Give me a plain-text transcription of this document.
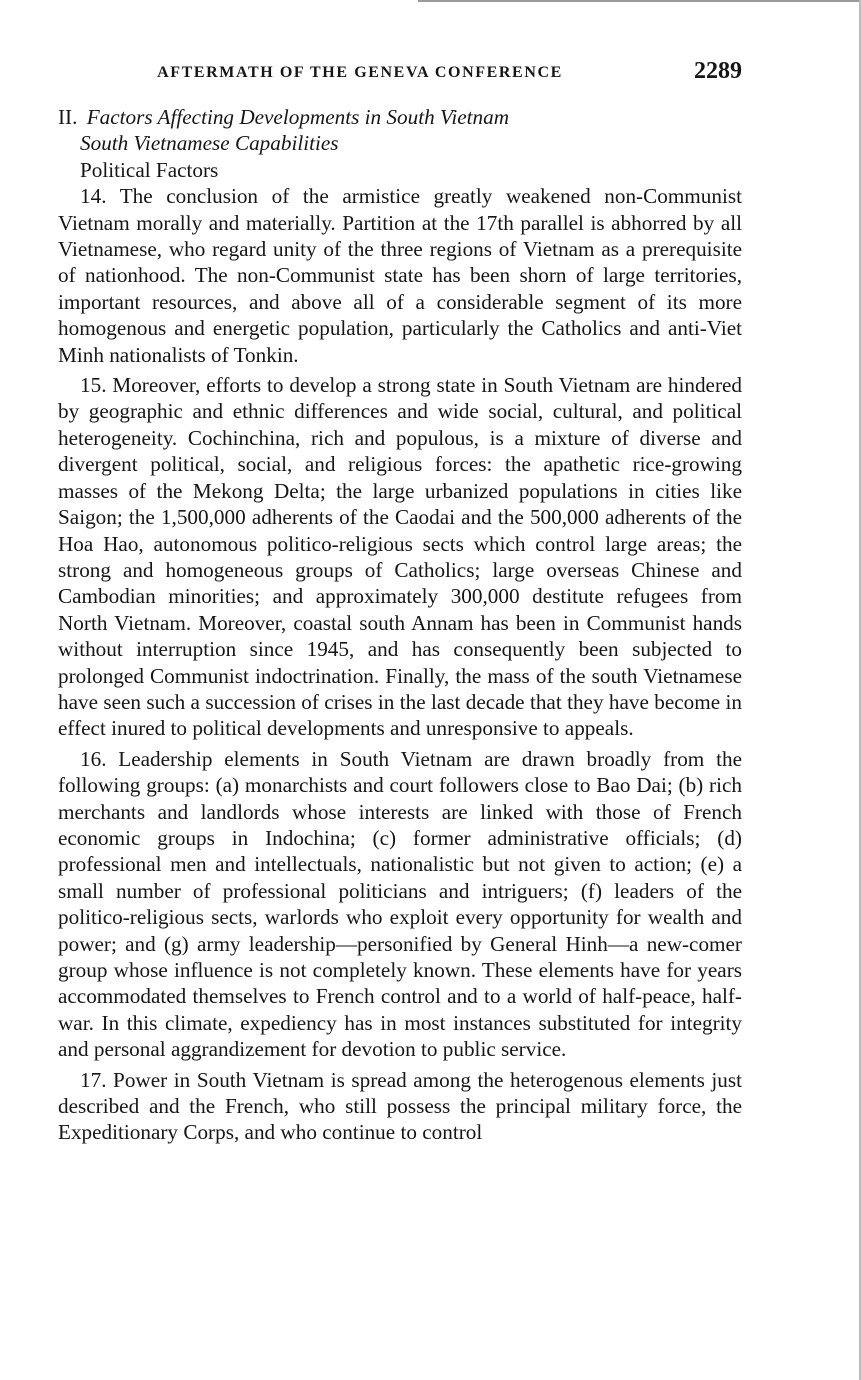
AFTERMATH OF THE GENEVA CONFERENCE	2289
II. Factors Affecting Developments in South Vietnam
South Vietnamese Capabilities
Political Factors

14. The conclusion of the armistice greatly weakened non-Communist Vietnam morally and materially. Partition at the 17th parallel is abhorred by all Vietnamese, who regard unity of the three regions of Vietnam as a prerequisite of nationhood. The non-Communist state has been shorn of large territories, important resources, and above all of a considerable segment of its more homogenous and energetic population, particularly the Catholics and anti-Viet Minh nationalists of Tonkin.

15. Moreover, efforts to develop a strong state in South Vietnam are hindered by geographic and ethnic differences and wide social, cultural, and political heterogeneity. Cochinchina, rich and populous, is a mixture of diverse and divergent political, social, and religious forces: the apathetic rice-growing masses of the Mekong Delta; the large urbanized populations in cities like Saigon; the 1,500,000 adherents of the Caodai and the 500,000 adherents of the Hoa Hao, autonomous politico-religious sects which control large areas; the strong and homogeneous groups of Catholics; large overseas Chinese and Cambodian minorities; and approximately 300,000 destitute refugees from North Vietnam. Moreover, coastal south Annam has been in Communist hands without interruption since 1945, and has consequently been subjected to prolonged Communist indoctrination. Finally, the mass of the south Vietnamese have seen such a succession of crises in the last decade that they have become in effect inured to political developments and unresponsive to appeals.

16. Leadership elements in South Vietnam are drawn broadly from the following groups: (a) monarchists and court followers close to Bao Dai; (b) rich merchants and landlords whose interests are linked with those of French economic groups in Indochina; (c) former administrative officials; (d) professional men and intellectuals, nationalistic but not given to action; (e) a small number of professional politicians and intriguers; (f) leaders of the politico-religious sects, warlords who exploit every opportunity for wealth and power; and (g) army leadership—personified by General Hinh—a new-comer group whose influence is not completely known. These elements have for years accommodated themselves to French control and to a world of half-peace, half-war. In this climate, expediency has in most instances substituted for integrity and personal aggrandizement for devotion to public service.

17. Power in South Vietnam is spread among the heterogenous elements just described and the French, who still possess the principal military force, the Expeditionary Corps, and who continue to control
